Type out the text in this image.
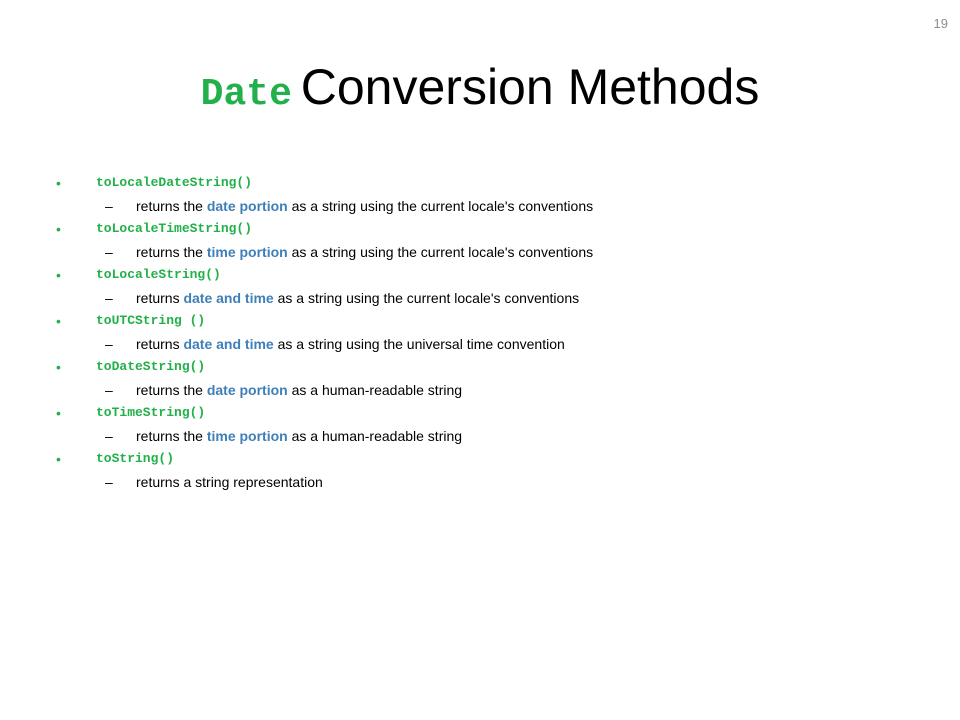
19
Date Conversion Methods
•	toLocaleDateString()
– returns the date portion as a string using the current locale's conventions
•	toLocaleTimeString()
– returns the time portion as a string using the current locale's conventions
•	toLocaleString()
– returns date and time as a string using the current locale's conventions
•	toUTCString ()
– returns date and time as a string using the universal time convention
•	toDateString()
– returns the date portion as a human-readable string
•	toTimeString()
– returns the time portion as a human-readable string
•	toString()
– returns a string representation
